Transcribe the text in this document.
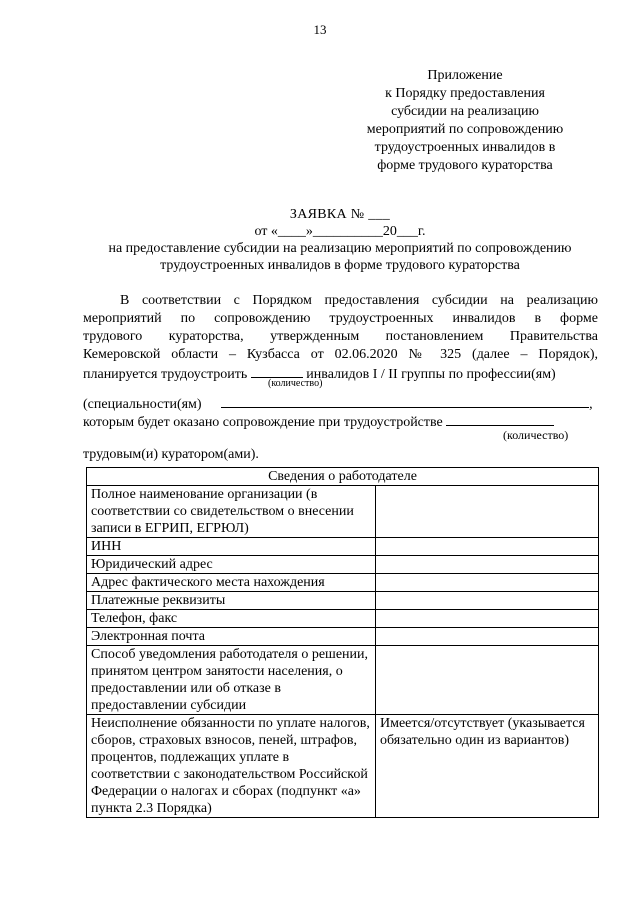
13
Приложение
к Порядку предоставления
субсидии на реализацию
мероприятий по сопровождению
трудоустроенных инвалидов в
форме трудового кураторства
ЗАЯВКА № ___
от «____»__________20___г.
на предоставление субсидии на реализацию мероприятий по сопровождению
трудоустроенных инвалидов в форме трудового кураторства
В соответствии с Порядком предоставления субсидии на реализацию
мероприятий по сопровождению трудоустроенных инвалидов в форме
трудового кураторства, утвержденным постановлением Правительства
Кемеровской области – Кузбасса от 02.06.2020 № 325 (далее – Порядок),
планируется трудоустроить	инвалидов I / II группы по профессии(ям)
(количество)
(специальности(ям)	,
которым будет оказано сопровождение при трудоустройстве
(количество)
трудовым(и) куратором(ами).
Сведения о работодателе	
Полное наименование организации (в соответствии со свидетельством о внесении записи в ЕГРИП, ЕГРЮЛ)	
ИНН	
Юридический адрес	
Адрес фактического места нахождения	
Платежные реквизиты	
Телефон, факс	
Электронная почта	
Способ уведомления работодателя о решении, принятом центром занятости населения, о предоставлении или об отказе в предоставлении субсидии	
Неисполнение обязанности по уплате налогов, сборов, страховых взносов, пеней, штрафов, процентов, подлежащих уплате в соответствии с законодательством Российской Федерации о налогах и сборах (подпункт «а» пункта 2.3 Порядка)	Имеется/отсутствует (указывается обязательно один из вариантов)
